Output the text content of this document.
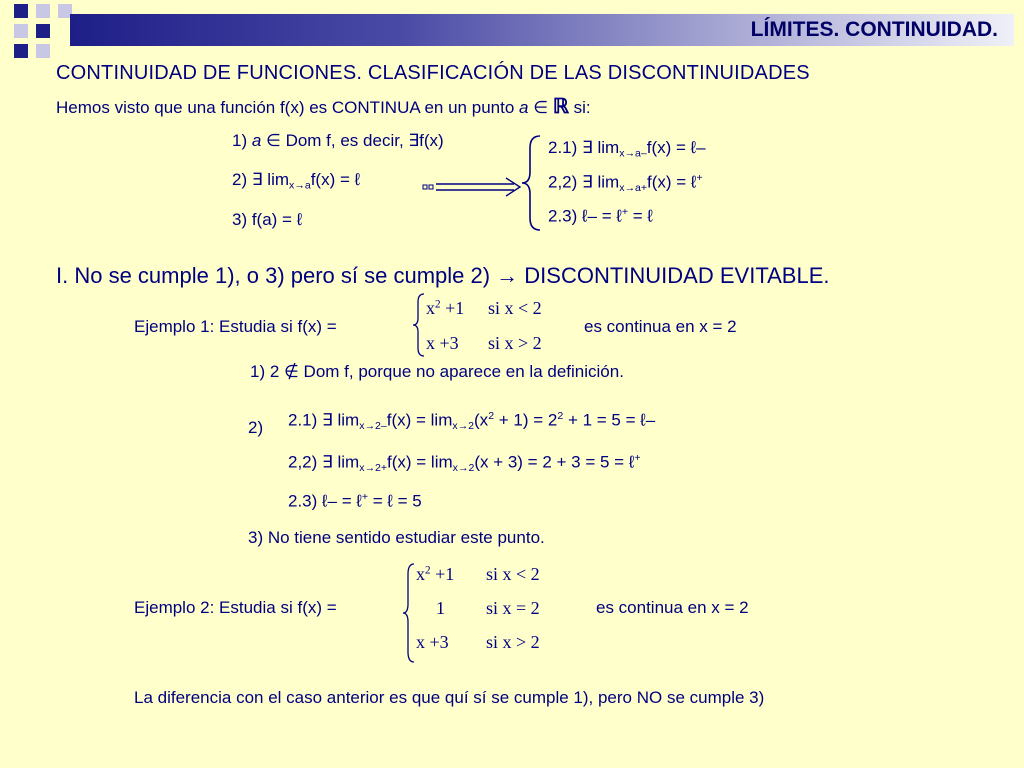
LÍMITES. CONTINUIDAD.
CONTINUIDAD DE FUNCIONES. CLASIFICACIÓN DE LAS DISCONTINUIDADES
Hemos visto que una función f(x) es CONTINUA en un punto a ∈ ℝ si:
1) a ∈ Dom f, es decir, ∃f(x)
2) ∃ $\lim_{x\to a}f(x)$ = ℓ
3) f(a) = ℓ
2.1) ∃ $\lim_{x\to a-}f(x)$ = ℓ–
2,2) ∃ $\lim_{x\to a+}f(x)$ = ℓ+
2.3) ℓ– = ℓ+ = ℓ
I. No se cumple 1), o 3) pero sí se cumple 2) → DISCONTINUIDAD EVITABLE.
Ejemplo 1: Estudia si f(x) =
$x^2 +1$
x +3
si x < 2
si x > 2
es continua en x = 2
1) 2 ∉ Dom f, porque no aparece en la definición.
2) 2.1) ∃ $\lim_{x\to 2-}f(x) = \lim_{x\to 2}(x^2 + 1) = 2^2 + 1 = 5$ = ℓ–
2,2) ∃ $\lim_{x\to 2+}f(x) = \lim_{x\to 2}(x + 3) = 2 + 3 = 5$ = ℓ+
2.3) ℓ– = ℓ+ = ℓ = 5
3) No tiene sentido estudiar este punto.
Ejemplo 2: Estudia si f(x) =
$x^2 +1$
1
x +3
si x < 2
si x = 2
si x > 2
es continua en x = 2
La diferencia con el caso anterior es que quí sí se cumple 1), pero NO se cumple 3)
